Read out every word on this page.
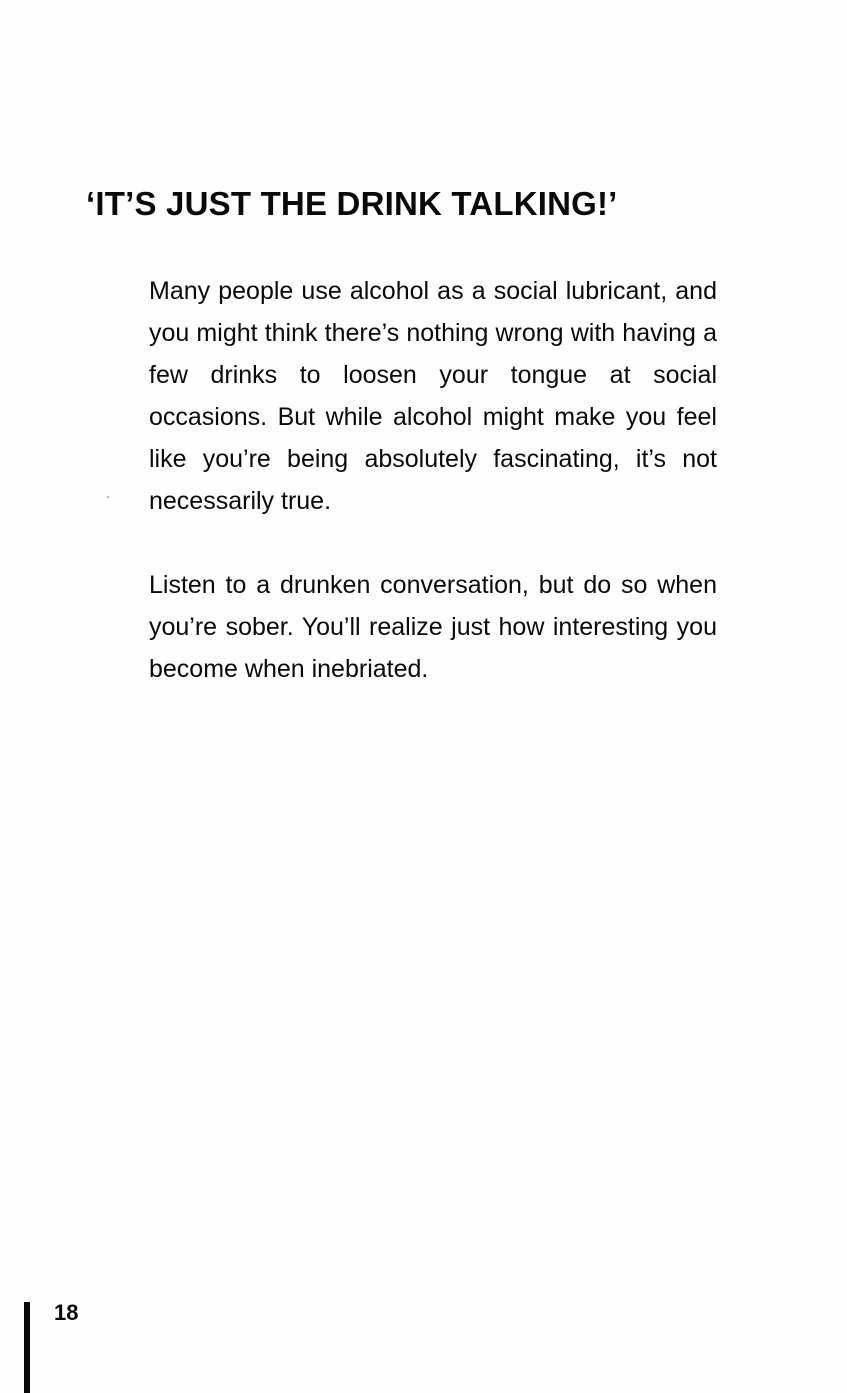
‘IT’S JUST THE DRINK TALKING!’

Many people use alcohol as a social lubricant, and you might think there’s nothing wrong with having a few drinks to loosen your tongue at social occasions. But while alcohol might make you feel like you’re being absolutely fascinating, it’s not necessarily true.

Listen to a drunken conversation, but do so when you’re sober. You’ll realize just how interesting you become when inebriated.

18
